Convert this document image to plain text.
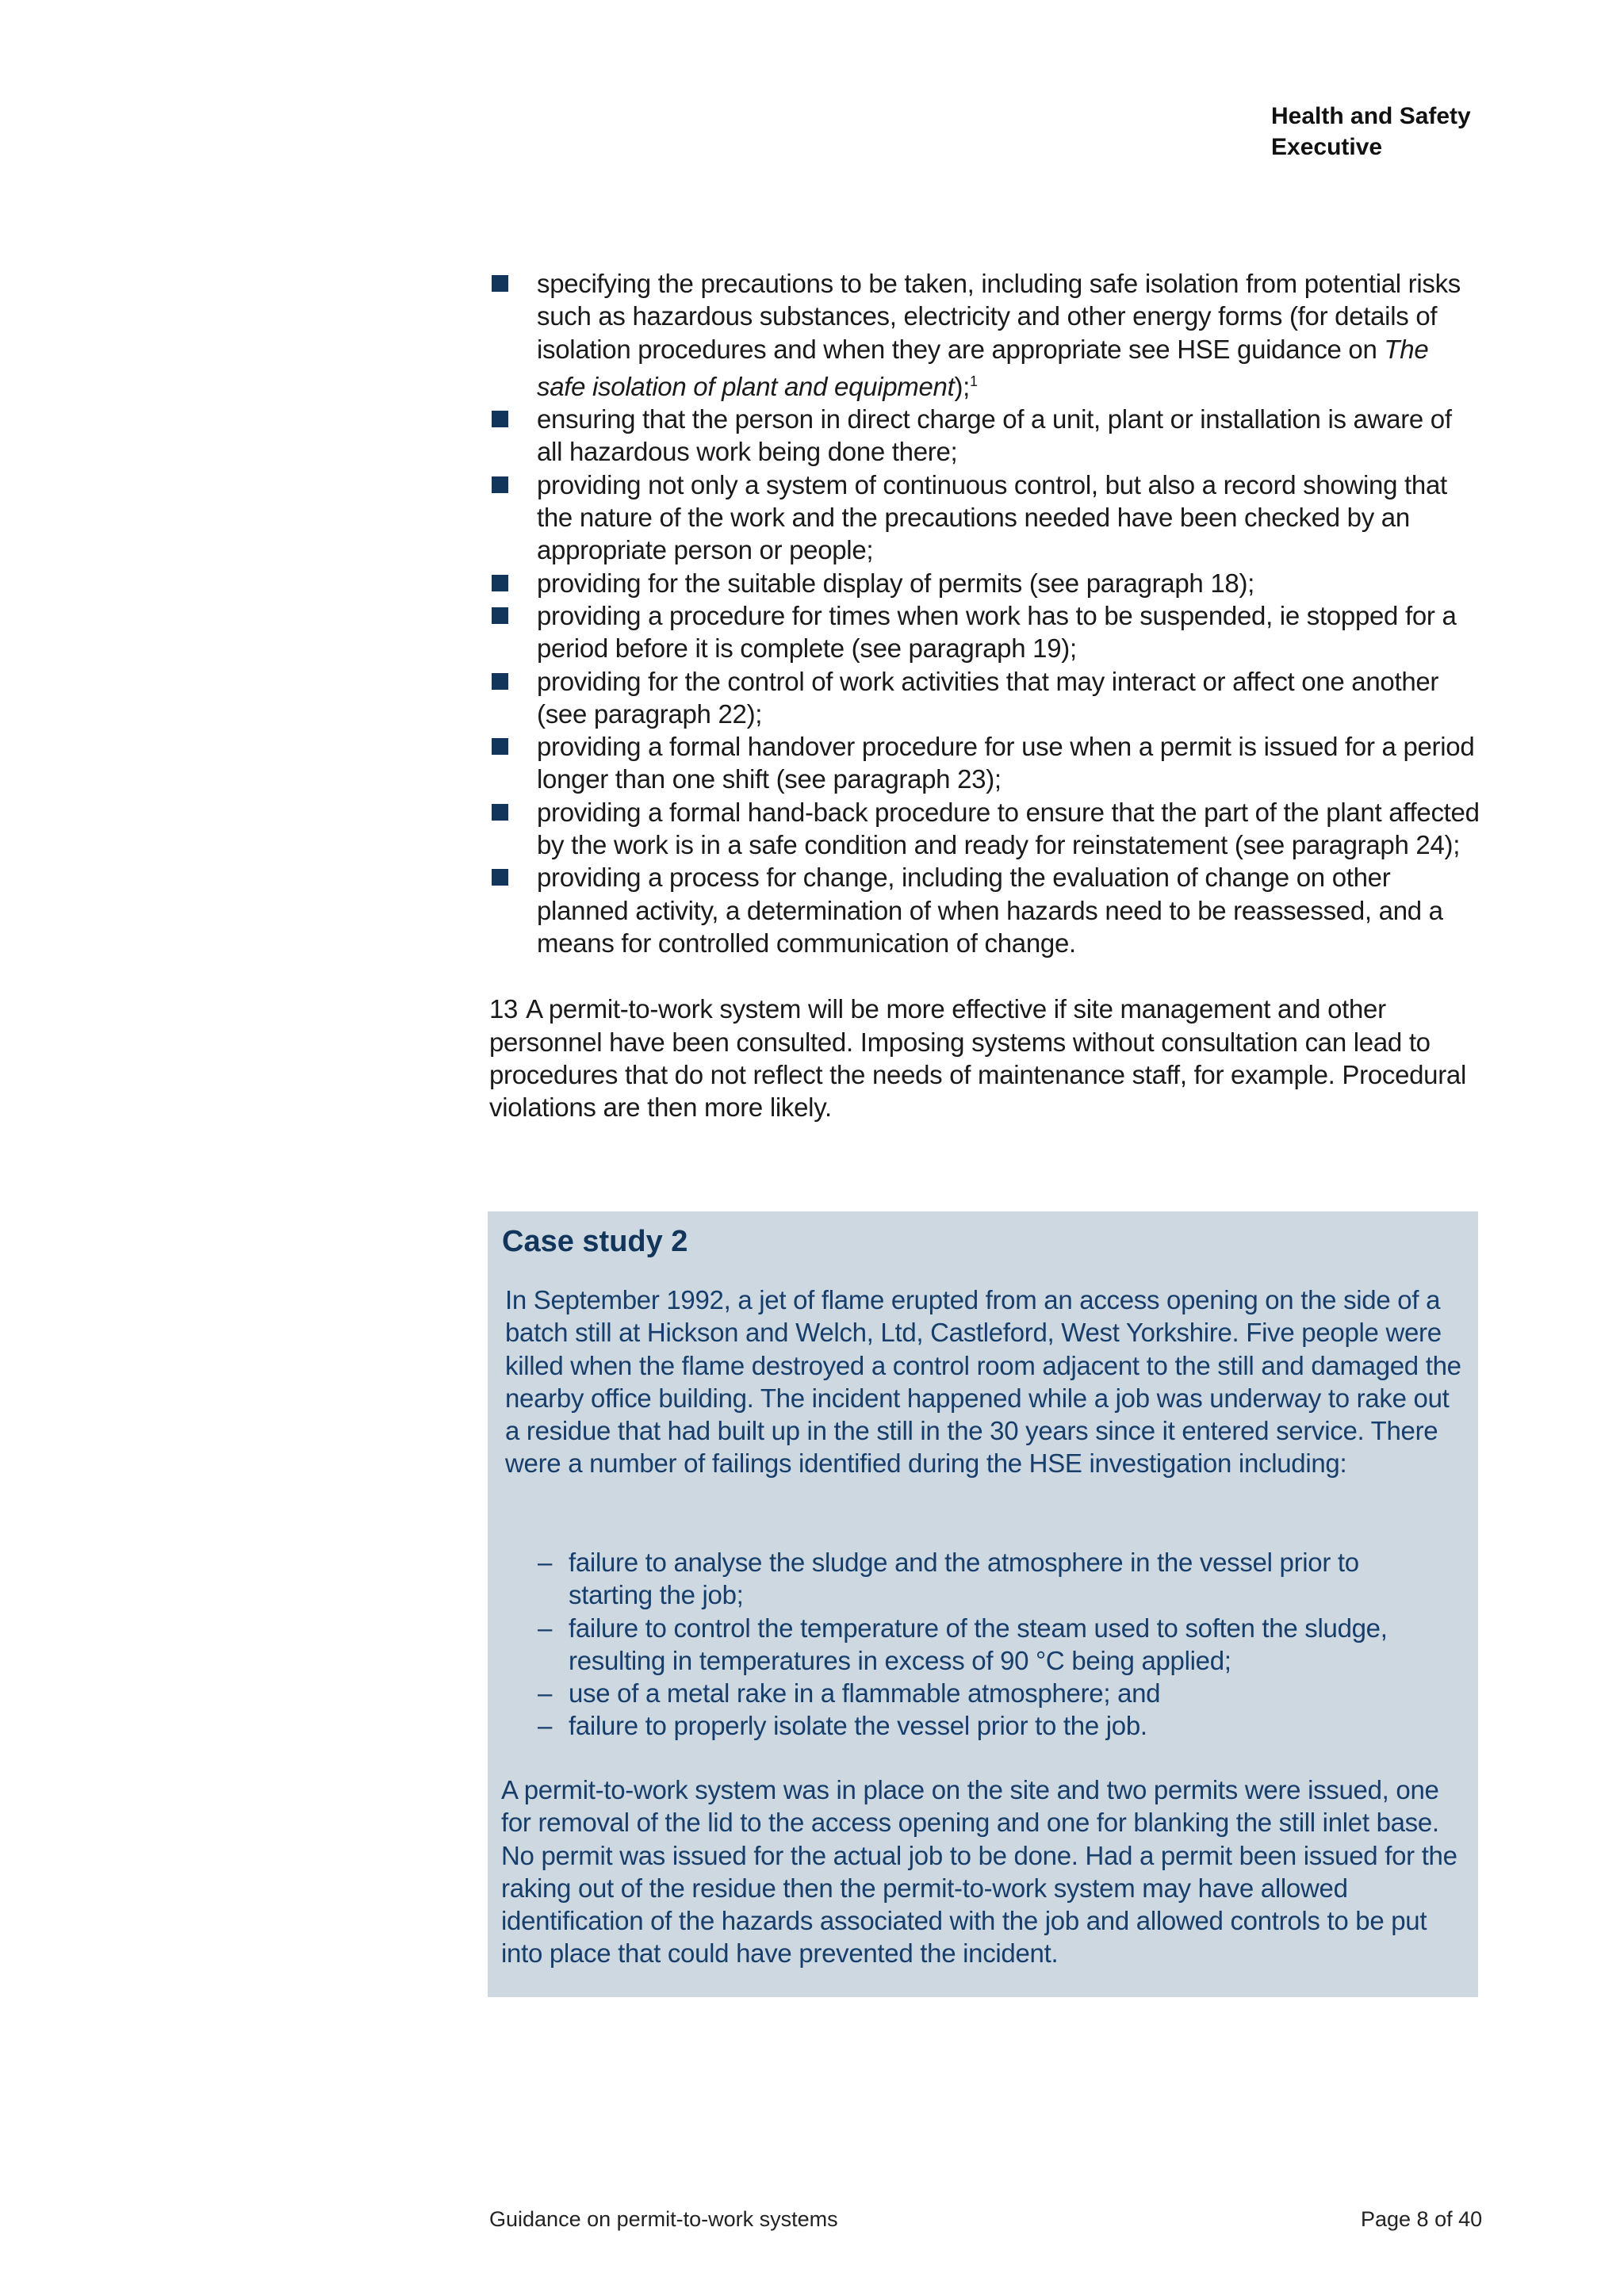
Health and Safety
Executive
specifying the precautions to be taken, including safe isolation from potential risks such as hazardous substances, electricity and other energy forms (for details of isolation procedures and when they are appropriate see HSE guidance on The safe isolation of plant and equipment);$^1$
ensuring that the person in direct charge of a unit, plant or installation is aware of all hazardous work being done there;
providing not only a system of continuous control, but also a record showing that the nature of the work and the precautions needed have been checked by an appropriate person or people;
providing for the suitable display of permits (see paragraph 18);
providing a procedure for times when work has to be suspended, ie stopped for a period before it is complete (see paragraph 19);
providing for the control of work activities that may interact or affect one another (see paragraph 22);
providing a formal handover procedure for use when a permit is issued for a period longer than one shift (see paragraph 23);
providing a formal hand-back procedure to ensure that the part of the plant affected by the work is in a safe condition and ready for reinstatement (see paragraph 24);
providing a process for change, including the evaluation of change on other planned activity, a determination of when hazards need to be reassessed, and a means for controlled communication of change.

13 A permit-to-work system will be more effective if site management and other personnel have been consulted. Imposing systems without consultation can lead to procedures that do not reflect the needs of maintenance staff, for example. Procedural violations are then more likely.

Case study 2
In September 1992, a jet of flame erupted from an access opening on the side of a batch still at Hickson and Welch, Ltd, Castleford, West Yorkshire. Five people were killed when the flame destroyed a control room adjacent to the still and damaged the nearby office building. The incident happened while a job was underway to rake out a residue that had built up in the still in the 30 years since it entered service. There were a number of failings identified during the HSE investigation including:
– failure to analyse the sludge and the atmosphere in the vessel prior to starting the job;
– failure to control the temperature of the steam used to soften the sludge, resulting in temperatures in excess of 90 °C being applied;
– use of a metal rake in a flammable atmosphere; and
– failure to properly isolate the vessel prior to the job.
A permit-to-work system was in place on the site and two permits were issued, one for removal of the lid to the access opening and one for blanking the still inlet base. No permit was issued for the actual job to be done. Had a permit been issued for the raking out of the residue then the permit-to-work system may have allowed identification of the hazards associated with the job and allowed controls to be put into place that could have prevented the incident.
Guidance on permit-to-work systems	Page 8 of 40
